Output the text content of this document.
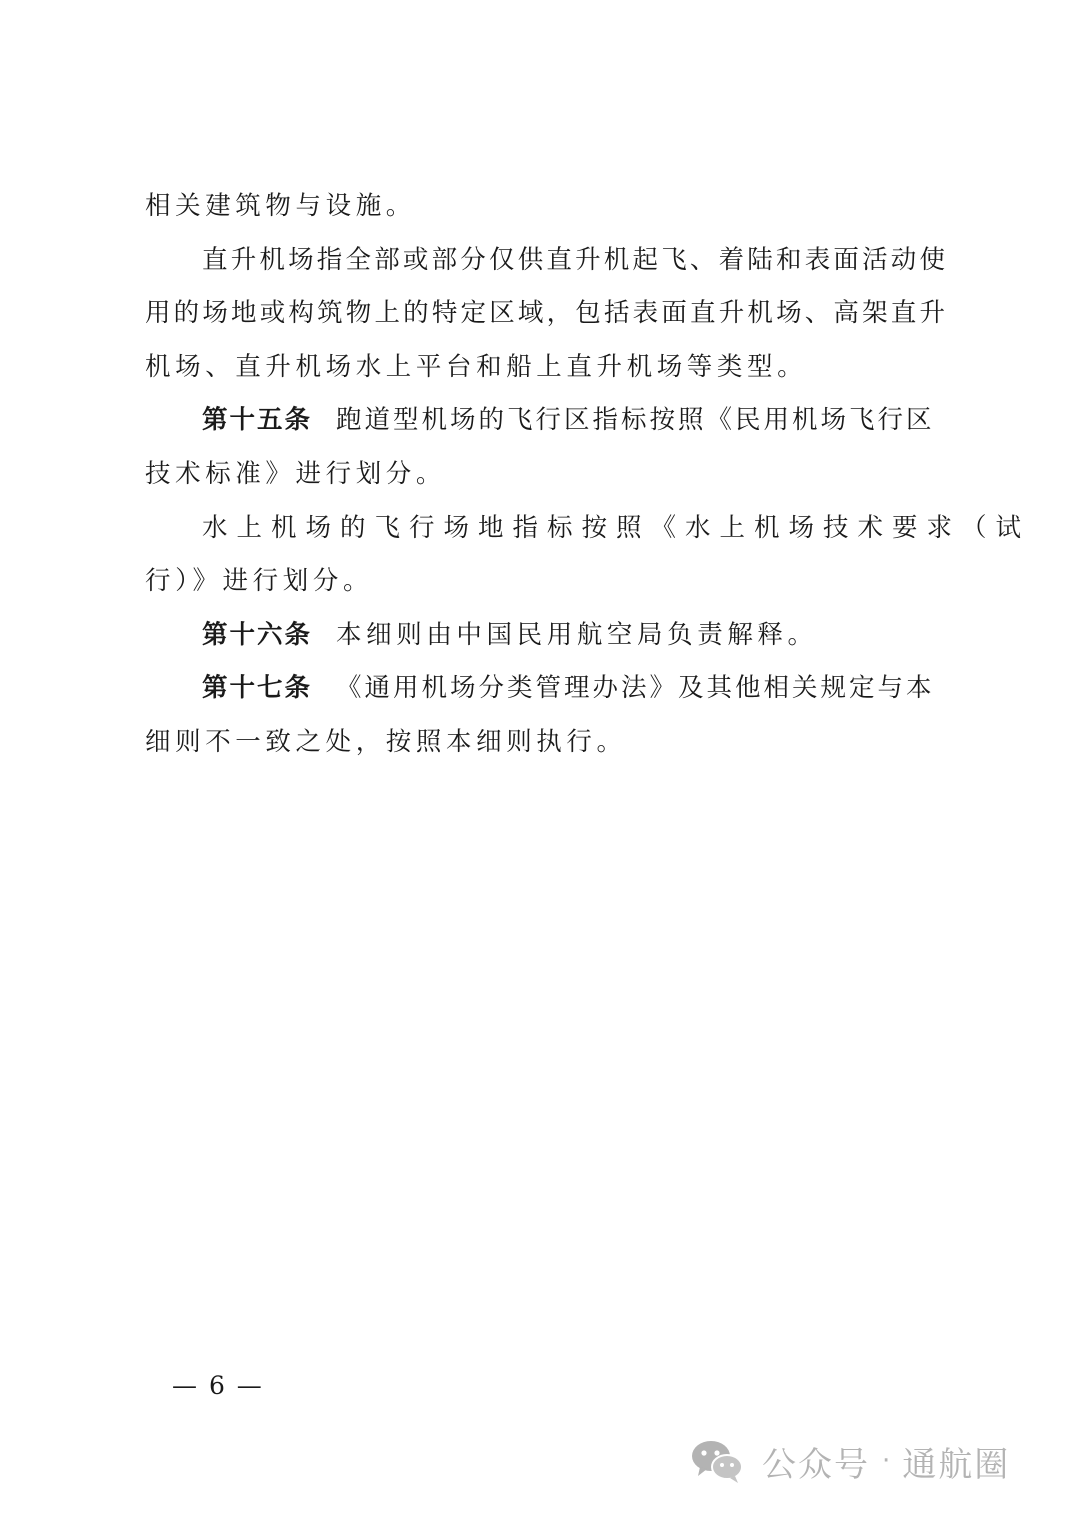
相关建筑物与设施。
直升机场指全部或部分仅供直升机起飞、着陆和表面活动使
用的场地或构筑物上的特定区域，包括表面直升机场、高架直升
机场、直升机场水上平台和船上直升机场等类型。
第十五条 跑道型机场的飞行区指标按照《民用机场飞行区
技术标准》进行划分。
水上机场的飞行场地指标按照《水上机场技术要求（试
行）》进行划分。
第十六条 本细则由中国民用航空局负责解释。
第十七条 《通用机场分类管理办法》及其他相关规定与本
细则不一致之处，按照本细则执行。
— 6 —
公众号 · 通航圈
